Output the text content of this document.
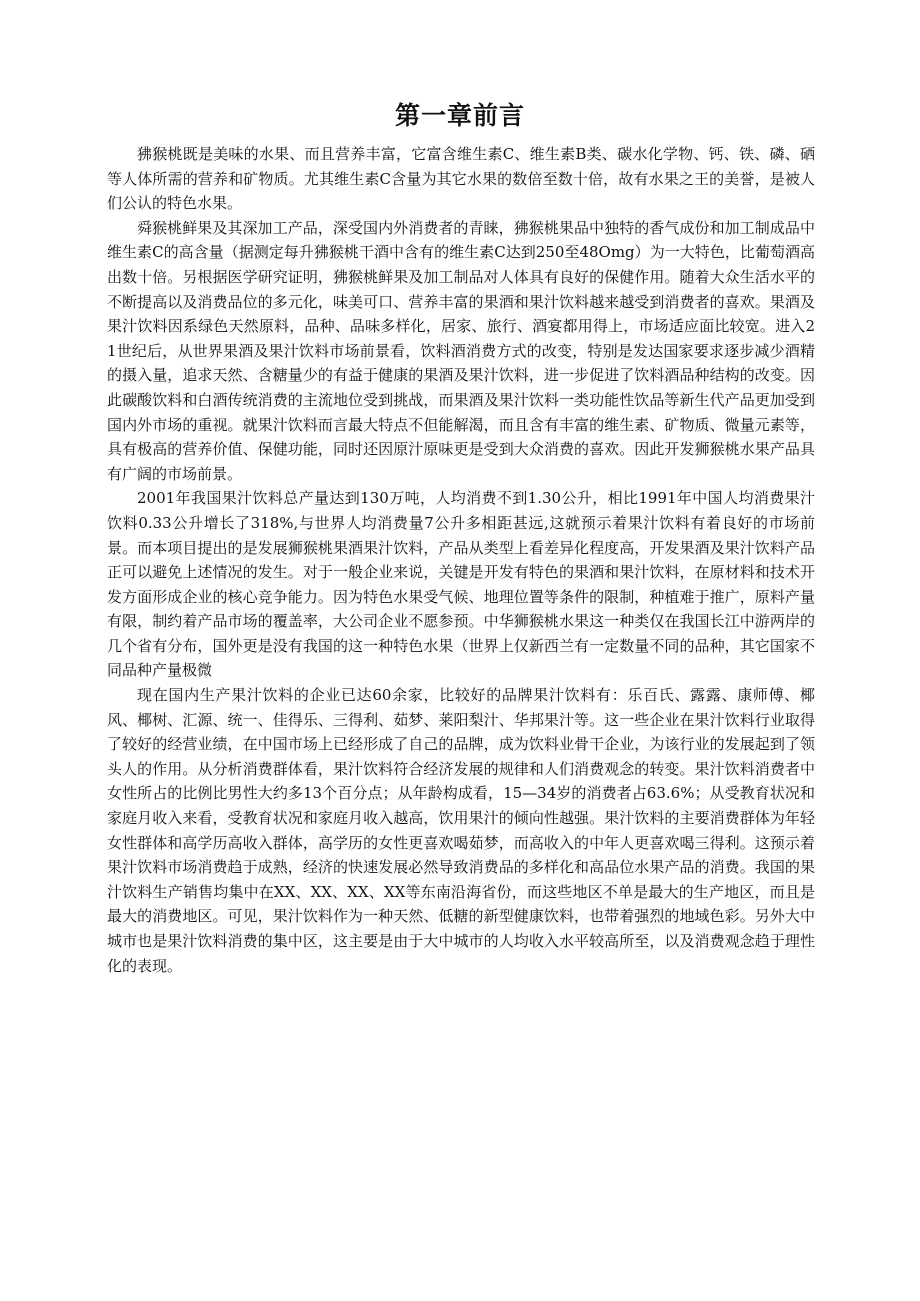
第一章前言

狒猴桃既是美味的水果、而且营养丰富，它富含维生素C、维生素B类、碳水化学物、钙、铁、磷、硒等人体所需的营养和矿物质。尤其维生素C含量为其它水果的数倍至数十倍，故有水果之王的美誉，是被人们公认的特色水果。

舜猴桃鲜果及其深加工产品，深受国内外消费者的青睐，狒猴桃果品中独特的香气成份和加工制成品中维生素C的高含量（据测定每升狒猴桃干酒中含有的维生素C达到250至48Omg）为一大特色，比葡萄酒高出数十倍。另根据医学研究证明，狒猴桃鲜果及加工制品对人体具有良好的保健作用。随着大众生活水平的不断提高以及消费品位的多元化，味美可口、营养丰富的果酒和果汁饮料越来越受到消费者的喜欢。果酒及果汁饮料因系绿色天然原料，品种、品味多样化，居家、旅行、酒宴都用得上，市场适应面比较宽。进入21世纪后，从世界果酒及果汁饮料市场前景看，饮料酒消费方式的改变，特别是发达国家要求逐步减少酒精的摄入量，追求天然、含糖量少的有益于健康的果酒及果汁饮料，进一步促进了饮料酒品种结构的改变。因此碳酸饮料和白酒传统消费的主流地位受到挑战，而果酒及果汁饮料一类功能性饮品等新生代产品更加受到国内外市场的重视。就果汁饮料而言最大特点不但能解渴，而且含有丰富的维生素、矿物质、微量元素等，具有极高的营养价值、保健功能，同时还因原汁原味更是受到大众消费的喜欢。因此开发狮猴桃水果产品具有广阔的市场前景。

2001年我国果汁饮料总产量达到130万吨，人均消费不到1.30公升，相比1991年中国人均消费果汁饮料0.33公升增长了318%,与世界人均消费量7公升多相距甚远,这就预示着果汁饮料有着良好的市场前景。而本项目提出的是发展狮猴桃果酒果汁饮料，产品从类型上看差异化程度高，开发果酒及果汁饮料产品正可以避免上述情况的发生。对于一般企业来说，关键是开发有特色的果酒和果汁饮料，在原材料和技术开发方面形成企业的核心竞争能力。因为特色水果受气候、地理位置等条件的限制，种植难于推广，原料产量有限，制约着产品市场的覆盖率，大公司企业不愿参预。中华狮猴桃水果这一种类仅在我国长江中游两岸的几个省有分布，国外更是没有我国的这一种特色水果（世界上仅新西兰有一定数量不同的品种，其它国家不同品种产量极微

现在国内生产果汁饮料的企业已达60余家，比较好的品牌果汁饮料有：乐百氏、露露、康师傅、椰风、椰树、汇源、统一、佳得乐、三得利、茹梦、莱阳梨汁、华邦果汁等。这一些企业在果汁饮料行业取得了较好的经营业绩，在中国市场上已经形成了自己的品牌，成为饮料业骨干企业，为该行业的发展起到了领头人的作用。从分析消费群体看，果汁饮料符合经济发展的规律和人们消费观念的转变。果汁饮料消费者中女性所占的比例比男性大约多13个百分点；从年龄构成看，15—34岁的消费者占63.6%；从受教育状况和家庭月收入来看，受教育状况和家庭月收入越高，饮用果汁的倾向性越强。果汁饮料的主要消费群体为年轻女性群体和高学历高收入群体，高学历的女性更喜欢喝茹梦，而高收入的中年人更喜欢喝三得利。这预示着果汁饮料市场消费趋于成熟，经济的快速发展必然导致消费品的多样化和高品位水果产品的消费。我国的果汁饮料生产销售均集中在XX、XX、XX、XX等东南沿海省份，而这些地区不单是最大的生产地区，而且是最大的消费地区。可见，果汁饮料作为一种天然、低糖的新型健康饮料，也带着强烈的地域色彩。另外大中城市也是果汁饮料消费的集中区，这主要是由于大中城市的人均收入水平较高所至，以及消费观念趋于理性化的表现。
